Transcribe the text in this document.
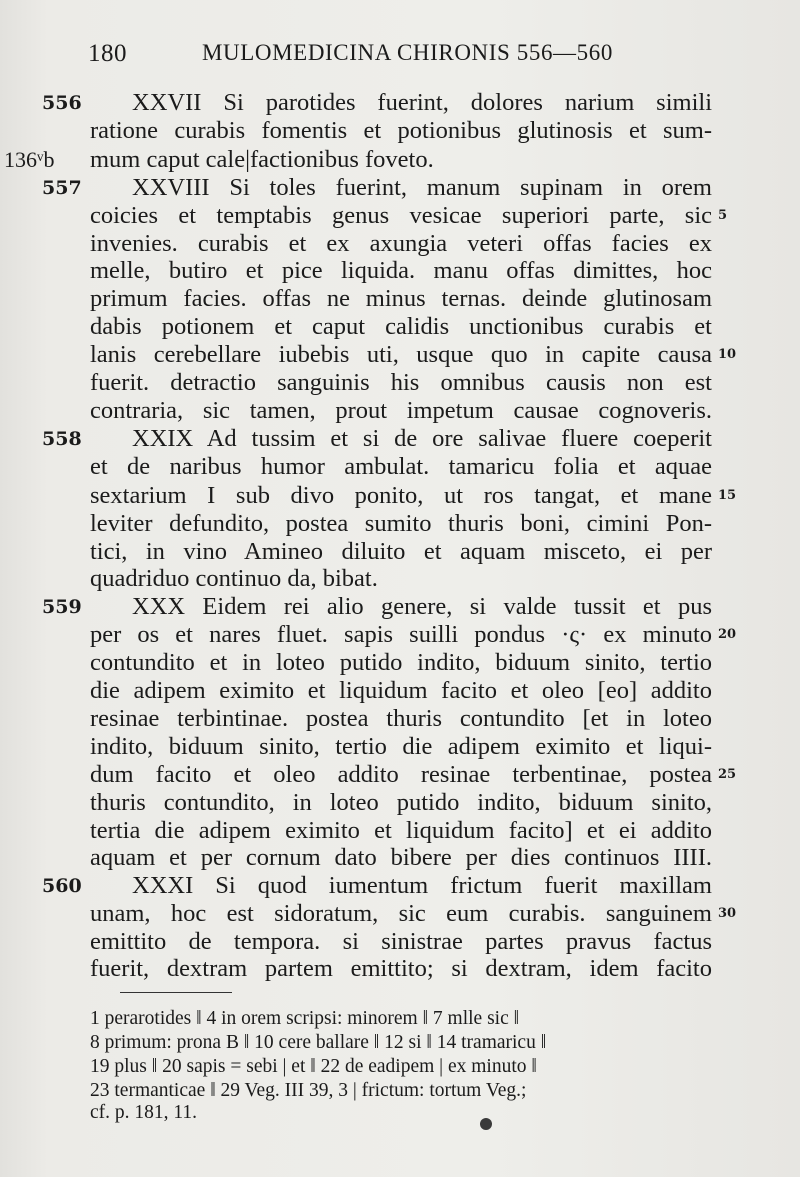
180	MULOMEDICINA CHIRONIS 556—560
556
136ᵛb
557
558
559
560
5
10
15
20
25
30
XXVII Si parotides fuerint, dolores narium simili
ratione curabis fomentis et potionibus glutinosis et sum-
mum caput cale|factionibus foveto.
XXVIII Si toles fuerint, manum supinam in orem
coicies et temptabis genus vesicae superiori parte, sic
invenies. curabis et ex axungia veteri offas facies ex
melle, butiro et pice liquida. manu offas dimittes, hoc
primum facies. offas ne minus ternas. deinde glutinosam
dabis potionem et caput calidis unctionibus curabis et
lanis cerebellare iubebis uti, usque quo in capite causa
fuerit. detractio sanguinis his omnibus causis non est
contraria, sic tamen, prout impetum causae cognoveris.
XXIX Ad tussim et si de ore salivae fluere coeperit
et de naribus humor ambulat. tamaricu folia et aquae
sextarium I sub divo ponito, ut ros tangat, et mane
leviter defundito, postea sumito thuris boni, cimini Pon-
tici, in vino Amineo diluito et aquam misceto, ei per
quadriduo continuo da, bibat.
XXX Eidem rei alio genere, si valde tussit et pus
per os et nares fluet. sapis suilli pondus ·ς· ex minuto
contundito et in loteo putido indito, biduum sinito, tertio
die adipem eximito et liquidum facito et oleo [eo] addito
resinae terbintinae. postea thuris contundito [et in loteo
indito, biduum sinito, tertio die adipem eximito et liqui-
dum facito et oleo addito resinae terbentinae, postea
thuris contundito, in loteo putido indito, biduum sinito,
tertia die adipem eximito et liquidum facito] et ei addito
aquam et per cornum dato bibere per dies continuos IIII.
XXXI Si quod iumentum frictum fuerit maxillam
unam, hoc est sidoratum, sic eum curabis. sanguinem
emittito de tempora. si sinistrae partes pravus factus
fuerit, dextram partem emittito; si dextram, idem facito
1 perarotides ‖ 4 in orem scripsi: minorem ‖ 7 mlle sic ‖
8 primum: prona B ‖ 10 cere ballare ‖ 12 si ‖ 14 tramaricu ‖
19 plus ‖ 20 sapis = sebi | et ‖ 22 de eadipem | ex minuto ‖
23 termanticae ‖ 29 Veg. III 39, 3 | frictum: tortum Veg.;
cf. p. 181, 11.
